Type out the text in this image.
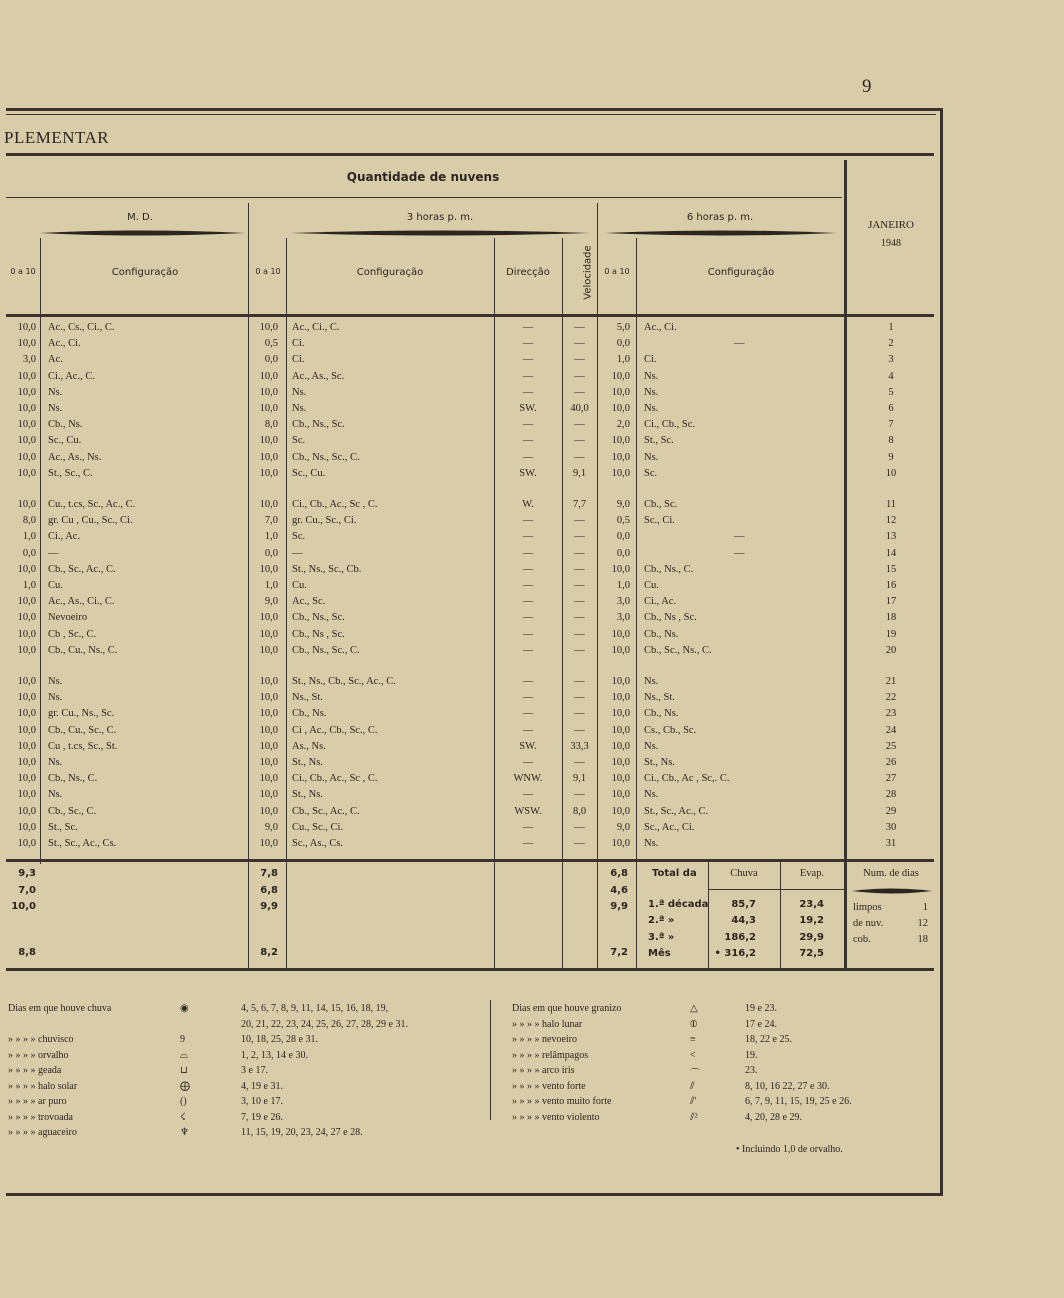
9
PLEMENTAR
Quantidade de nuvens
M. D.	3 horas p. m.	6 horas p. m.
JANEIRO
1948
0 a 10	Configuração	0 a 10	Configuração	Direcção	Velocidade	0 a 10	Configuração
10,0 Ac., Cs., Ci., C.	10,0 Ac., Ci., C.	—	—	5,0 Ac., Ci.	1
10,0 Ac., Ci.	0,5 Ci.	—	—	0,0	—	2
3,0 Ac.	0,0 Ci.	—	—	1,0 Ci.	3
10,0 Ci., Ac., C.	10,0 Ac., As., Sc.	—	—	10,0 Ns.	4
10,0 Ns.	10,0 Ns.	—	—	10,0 Ns.	5
10,0 Ns.	10,0 Ns.	SW.	40,0	10,0 Ns.	6
10,0 Cb., Ns.	8,0 Cb., Ns., Sc.	—	—	2,0 Ci., Cb., Sc.	7
10,0 Sc., Cu.	10,0 Sc.	—	—	10,0 St., Sc.	8
10,0 Ac., As., Ns.	10,0 Cb., Ns., Sc., C.	—	—	10,0 Ns.	9
10,0 St., Sc., C.	10,0 Sc., Cu.	SW.	9,1	10,0 Sc.	10
10,0 Cu., t.cs, Sc., Ac., C.	10,0 Ci., Cb., Ac., Sc , C.	W.	7,7	9,0 Cb., Sc.	11
8,0 gr. Cu , Cu., Sc., Ci.	7,0 gr. Cu., Sc., Ci.	—	—	0,5 Sc., Ci.	12
1,0 Ci., Ac.	1,0 Sc.	—	—	0,0	—	13
0,0 —	0,0 —	—	—	0,0	—	14
10,0 Cb., Sc., Ac., C.	10,0 St., Ns., Sc., Cb.	—	—	10,0 Cb., Ns., C.	15
1,0 Cu.	1,0 Cu.	—	—	1,0 Cu.	16
10,0 Ac., As., Ci., C.	9,0 Ac., Sc.	—	—	3,0 Ci., Ac.	17
10,0 Nevoeiro	10,0 Cb., Ns., Sc.	—	—	3,0 Cb., Ns , Sc.	18
10,0 Cb , Sc., C.	10,0 Cb., Ns , Sc.	—	—	10,0 Cb., Ns.	19
10,0 Cb., Cu., Ns., C.	10,0 Cb., Ns., Sc., C.	—	—	10,0 Cb., Sc., Ns., C.	20
10,0 Ns.	10,0 St., Ns., Cb., Sc., Ac., C.	—	—	10,0 Ns.	21
10,0 Ns.	10,0 Ns., St.	—	—	10,0 Ns., St.	22
10,0 gr. Cu., Ns., Sc.	10,0 Cb., Ns.	—	—	10,0 Cb., Ns.	23
10,0 Cb., Cu., Sc., C.	10,0 Ci , Ac., Cb., Sc., C.	—	—	10,0 Cs., Cb., Sc.	24
10,0 Cu , t.cs, Sc., St.	10,0 As., Ns.	SW.	33,3	10,0 Ns.	25
10,0 Ns.	10,0 St., Ns.	—	—	10,0 St., Ns.	26
10,0 Cb., Ns., C.	10,0 Ci., Cb., Ac., Sc , C.	WNW.	9,1	10,0 Ci., Cb., Ac , Sc,. C.	27
10,0 Ns.	10,0 St., Ns.	—	—	10,0 Ns.	28
10,0 Cb., Sc., C.	10,0 Cb., Sc., Ac., C.	WSW.	8,0	10,0 St., Sc., Ac., C.	29
10,0 St., Sc.	9,0 Cu., Sc., Ci.	—	—	9,0 Sc., Ac., Ci.	30
10,0 St., Sc., Ac., Cs.	10,0 Sc., As., Cs.	—	—	10,0 Ns.	31
9,3	7,8	6,8
7,0	6,8	4,6
10,0	9,9	9,9
8,8	8,2	7,2
Total da	Chuva	Evap.
1.ª década	85,7	23,4
2.ª »	44,3	19,2
3.ª »	186,2	29,9
Mês	• 316,2	72,5
Num. de dias
limpos	1
de nuv.	12
cob.	18
Dias em que houve chuva	◉	4, 5, 6, 7, 8, 9, 11, 14, 15, 16, 18, 19,
20, 21, 22, 23, 24, 25, 26, 27, 28, 29 e 31.
» » » » chuvisco	9	10, 18, 25, 28 e 31.
» » » » orvalho	⌓	1, 2, 13, 14 e 30.
» » » » geada	⊔	3 e 17.
» » » » halo solar	⨁	4, 19 e 31.
» » » » ar puro	()	3, 10 e 17.
» » » » trovoada	☇	7, 19 e 26.
» » » » aguaceiro	♆	11, 15, 19, 20, 23, 24, 27 e 28.
Dias em que houve granizo	△	19 e 23.
» » » » halo lunar	⦶	17 e 24.
» » » » nevoeiro	≡	18, 22 e 25.
» » » » relâmpagos	<	19.
» » » » arco íris	⌒	23.
» » » » vento forte	⫽	8, 10, 16 22, 27 e 30.
» » » » vento muito forte	⫽'	6, 7, 9, 11, 15, 19, 25 e 26.
» » » » vento violento	⫽²	4, 20, 28 e 29.
• Incluindo 1,0 de orvalho.
